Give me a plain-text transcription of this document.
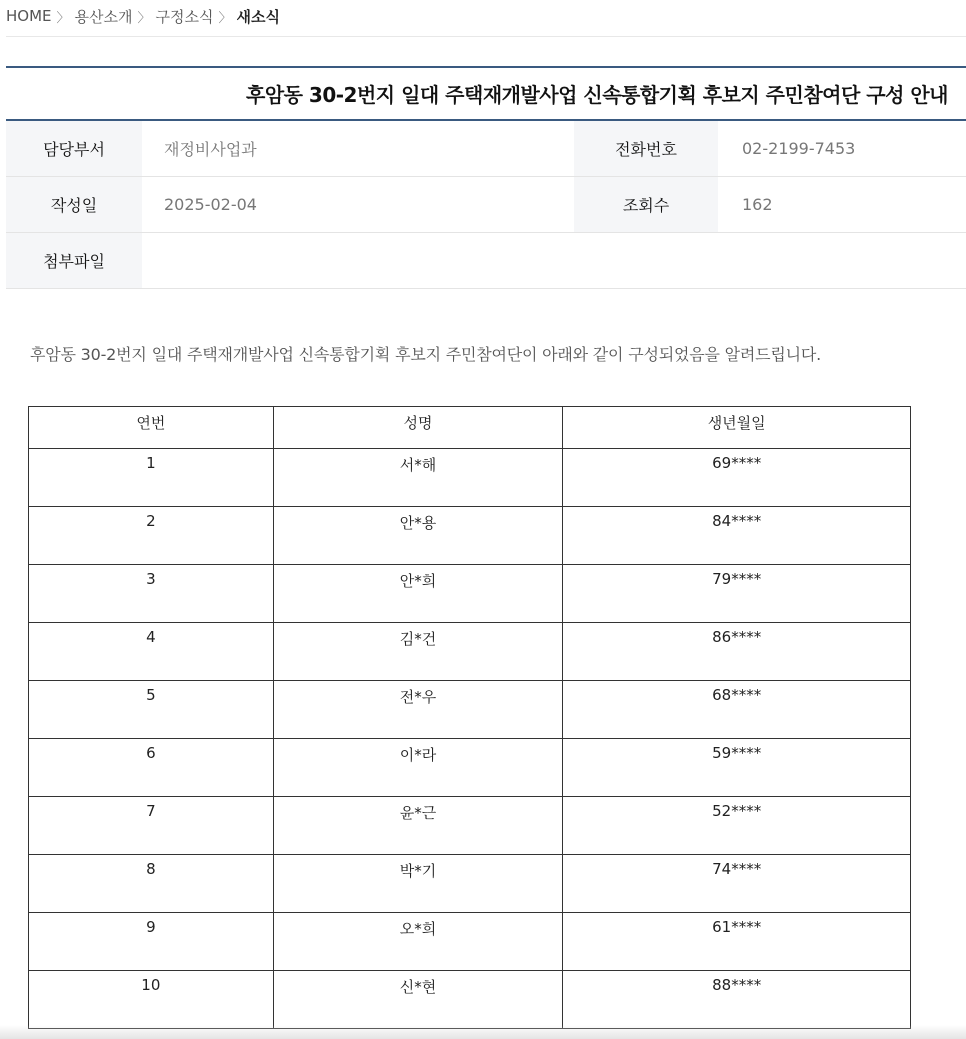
HOME 〉 용산소개 〉 구정소식 〉 새소식
후암동 30-2번지 일대 주택재개발사업 신속통합기획 후보지 주민참여단 구성 안내
담당부서	재정비사업과	전화번호	02-2199-7453
작성일	2025-02-04	조회수	162
첨부파일

후암동 30-2번지 일대 주택재개발사업 신속통합기획 후보지 주민참여단이 아래와 같이 구성되었음을 알려드립니다.

연번	성명	생년월일
1	서*해	69****
2	안*용	84****
3	안*희	79****
4	김*건	86****
5	전*우	68****
6	이*라	59****
7	윤*근	52****
8	박*기	74****
9	오*희	61****
10	신*현	88****
